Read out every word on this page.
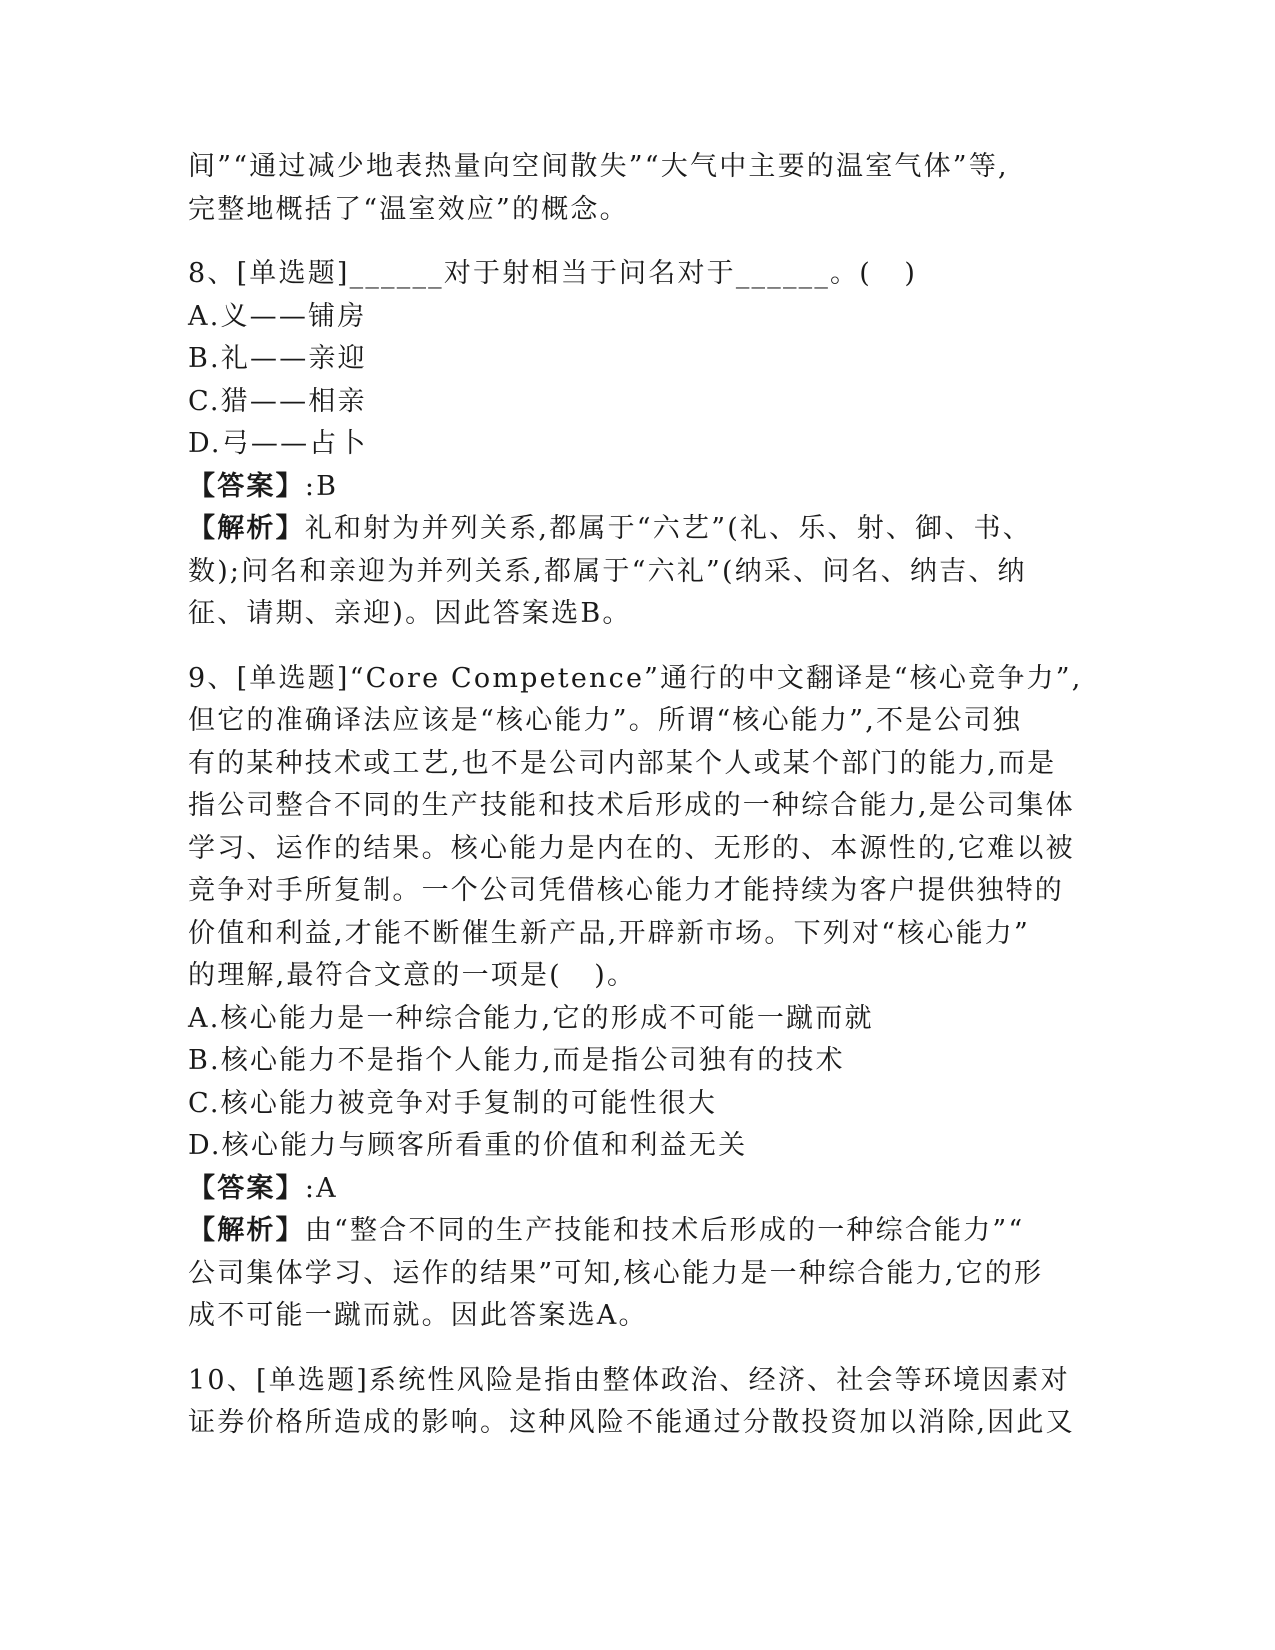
间”“通过减少地表热量向空间散失”“大气中主要的温室气体”等,
完整地概括了“温室效应”的概念。
8、[单选题]______对于射相当于问名对于______。(   )
A.义——铺房
B.礼——亲迎
C.猎——相亲
D.弓——占卜
【答案】:B
【解析】礼和射为并列关系,都属于“六艺”(礼、乐、射、御、书、
数);问名和亲迎为并列关系,都属于“六礼”(纳采、问名、纳吉、纳
征、请期、亲迎)。因此答案选B。
9、[单选题]“Core Competence”通行的中文翻译是“核心竞争力”,
但它的准确译法应该是“核心能力”。所谓“核心能力”,不是公司独
有的某种技术或工艺,也不是公司内部某个人或某个部门的能力,而是
指公司整合不同的生产技能和技术后形成的一种综合能力,是公司集体
学习、运作的结果。核心能力是内在的、无形的、本源性的,它难以被
竞争对手所复制。一个公司凭借核心能力才能持续为客户提供独特的
价值和利益,才能不断催生新产品,开辟新市场。下列对“核心能力”
的理解,最符合文意的一项是(   )。
A.核心能力是一种综合能力,它的形成不可能一蹴而就
B.核心能力不是指个人能力,而是指公司独有的技术
C.核心能力被竞争对手复制的可能性很大
D.核心能力与顾客所看重的价值和利益无关
【答案】:A
【解析】由“整合不同的生产技能和技术后形成的一种综合能力”“
公司集体学习、运作的结果”可知,核心能力是一种综合能力,它的形
成不可能一蹴而就。因此答案选A。
10、[单选题]系统性风险是指由整体政治、经济、社会等环境因素对
证券价格所造成的影响。这种风险不能通过分散投资加以消除,因此又
